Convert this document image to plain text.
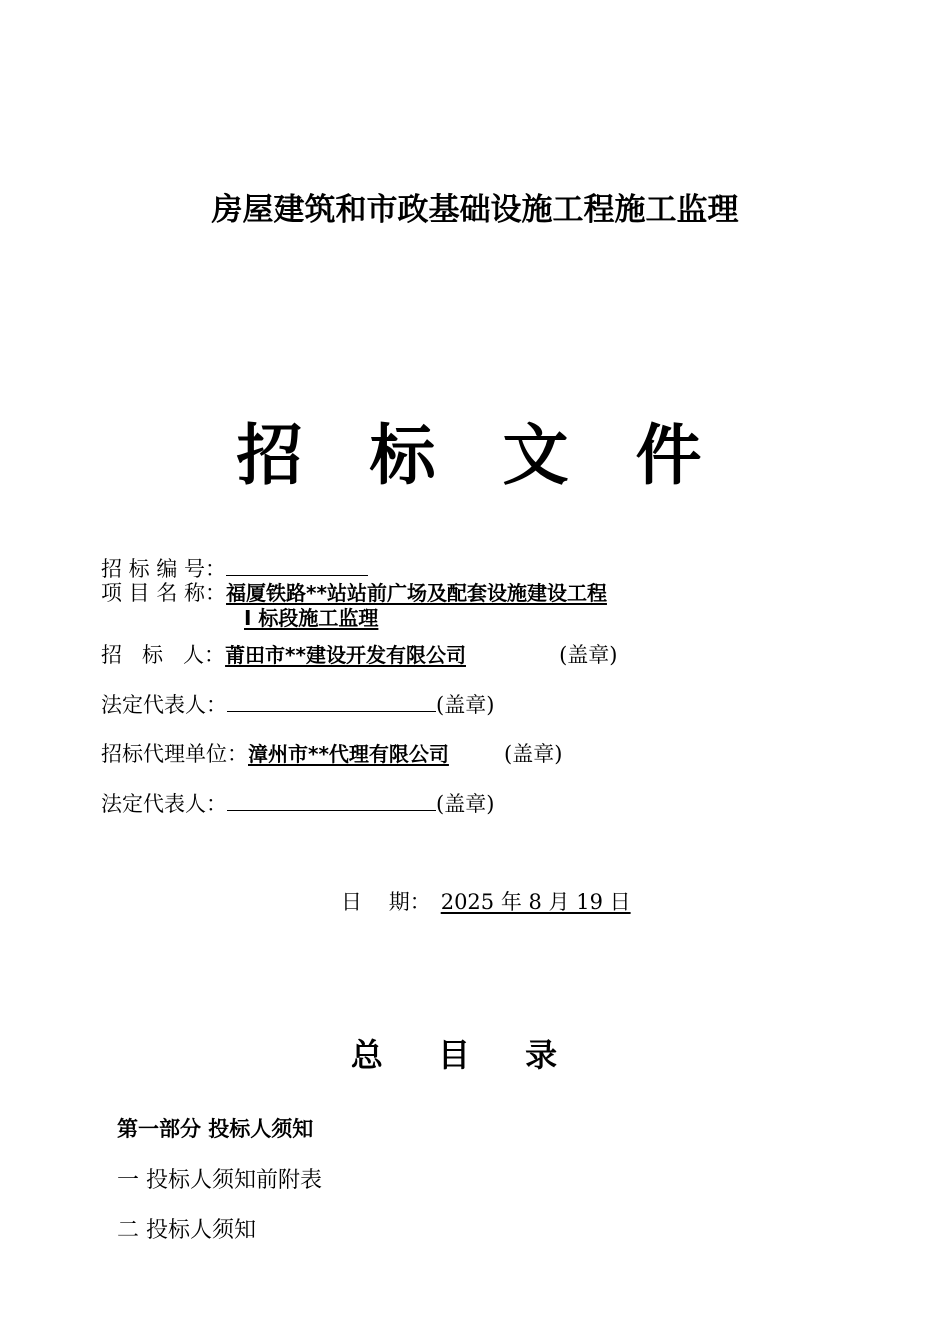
房屋建筑和市政基础设施工程施工监理
招 标 文 件
招 标 编 号：
项 目 名 称：福厦铁路**站站前广场及配套设施建设工程
Ⅰ 标段施工监理
招   标   人：莆田市**建设开发有限公司	(盖章)
法定代表人：	(盖章)
招标代理单位：漳州市**代理有限公司	(盖章)
法定代表人：	(盖章)
日    期： 2025 年 8 月 19 日
总 目 录
第一部分 投标人须知
一 投标人须知前附表
二 投标人须知
